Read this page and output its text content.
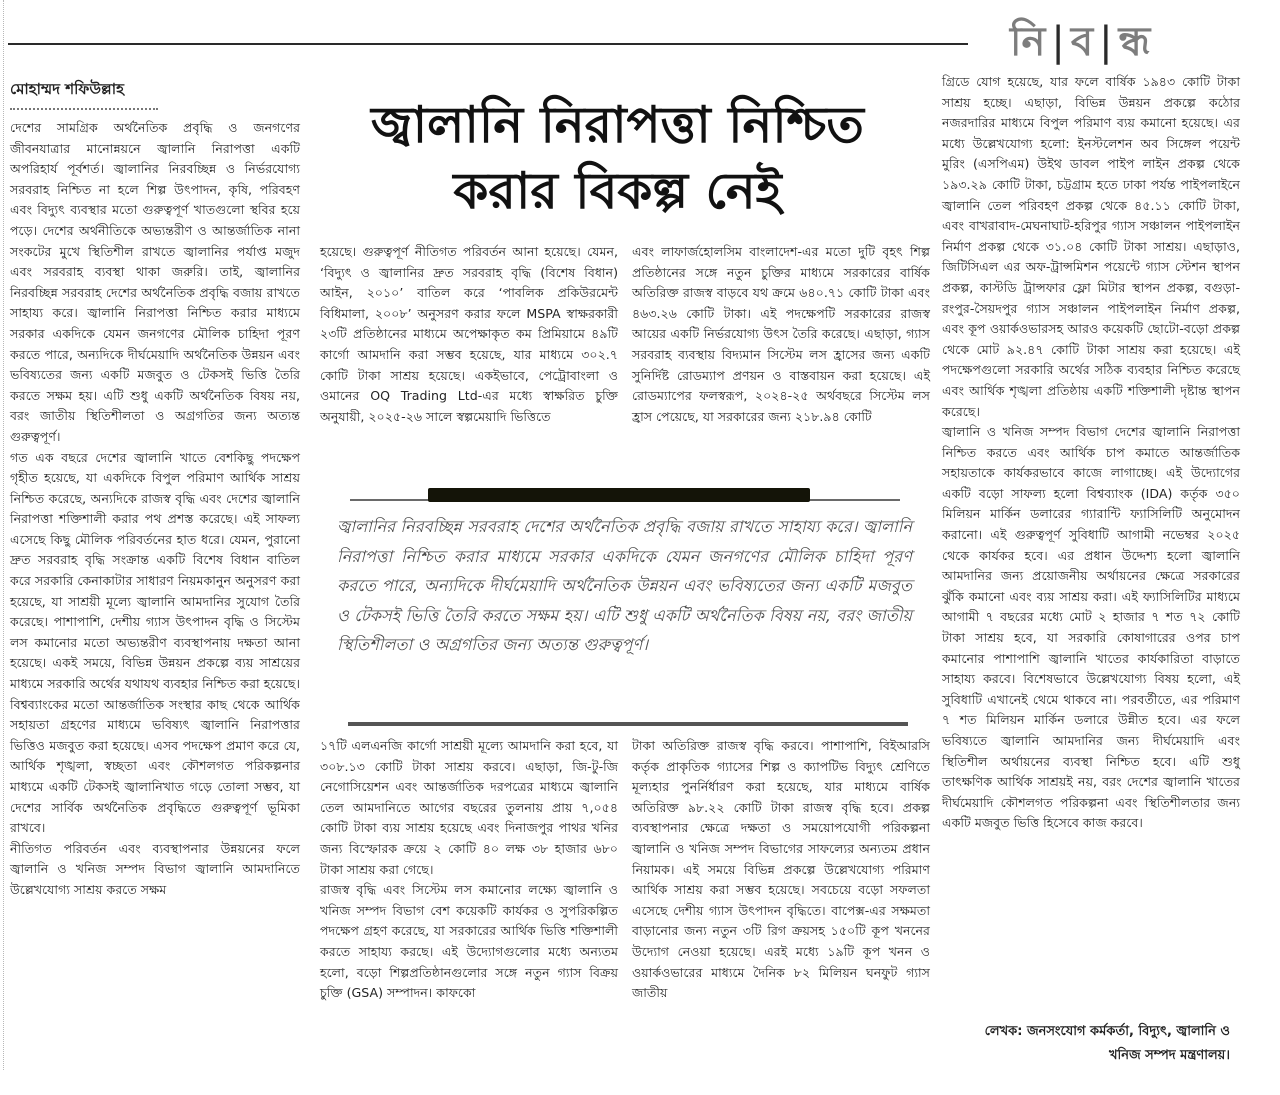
নি | ব | ন্ধ
মোহাম্মদ শফিউল্লাহ
জ্বালানি নিরাপত্তা নিশ্চিত
করার বিকল্প নেই

দেশের সামগ্রিক অর্থনৈতিক প্রবৃদ্ধি ও জনগণের জীবনযাত্রার মানোন্নয়নে জ্বালানি নিরাপত্তা একটি অপরিহার্য পূর্বশর্ত। জ্বালানির নিরবচ্ছিন্ন ও নির্ভরযোগ্য সরবরাহ নিশ্চিত না হলে শিল্প উৎপাদন, কৃষি, পরিবহণ এবং বিদ্যুৎ ব্যবস্থার মতো গুরুত্বপূর্ণ খাতগুলো স্থবির হয়ে পড়ে। দেশের অর্থনীতিকে অভ্যন্তরীণ ও আন্তর্জাতিক নানা সংকটের মুখে স্থিতিশীল রাখতে জ্বালানির পর্যাপ্ত মজুদ এবং সরবরাহ ব্যবস্থা থাকা জরুরি। তাই, জ্বালানির নিরবচ্ছিন্ন সরবরাহ দেশের অর্থনৈতিক প্রবৃদ্ধি বজায় রাখতে সাহায্য করে। জ্বালানি নিরাপত্তা নিশ্চিত করার মাধ্যমে সরকার একদিকে যেমন জনগণের মৌলিক চাহিদা পূরণ করতে পারে, অন্যদিকে দীর্ঘমেয়াদি অর্থনৈতিক উন্নয়ন এবং ভবিষ্যতের জন্য একটি মজবুত ও টেকসই ভিত্তি তৈরি করতে সক্ষম হয়। এটি শুধু একটি অর্থনৈতিক বিষয় নয়, বরং জাতীয় স্থিতিশীলতা ও অগ্রগতির জন্য অত্যন্ত গুরুত্বপূর্ণ।

গত এক বছরে দেশের জ্বালানি খাতে বেশকিছু পদক্ষেপ গৃহীত হয়েছে, যা একদিকে বিপুল পরিমাণ আর্থিক সাশ্রয় নিশ্চিত করেছে, অন্যদিকে রাজস্ব বৃদ্ধি এবং দেশের জ্বালানি নিরাপত্তা শক্তিশালী করার পথ প্রশস্ত করেছে। এই সাফল্য এসেছে কিছু মৌলিক পরিবর্তনের হাত ধরে। যেমন, পুরানো দ্রুত সরবরাহ বৃদ্ধি সংক্রান্ত একটি বিশেষ বিধান বাতিল করে সরকারি কেনাকাটার সাধারণ নিয়মকানুন অনুসরণ করা হয়েছে, যা সাশ্রয়ী মূল্যে জ্বালানি আমদানির সুযোগ তৈরি করেছে। পাশাপাশি, দেশীয় গ্যাস উৎপাদন বৃদ্ধি ও সিস্টেম লস কমানোর মতো অভ্যন্তরীণ ব্যবস্থাপনায় দক্ষতা আনা হয়েছে। একই সময়ে, বিভিন্ন উন্নয়ন প্রকল্পে ব্যয় সাশ্রয়ের মাধ্যমে সরকারি অর্থের যথাযথ ব্যবহার নিশ্চিত করা হয়েছে। বিশ্বব্যাংকের মতো আন্তর্জাতিক সংস্থার কাছ থেকে আর্থিক সহায়তা গ্রহণের মাধ্যমে ভবিষ্যৎ জ্বালানি নিরাপত্তার ভিত্তিও মজবুত করা হয়েছে। এসব পদক্ষেপ প্রমাণ করে যে, আর্থিক শৃঙ্খলা, স্বচ্ছতা এবং কৌশলগত পরিকল্পনার মাধ্যমে একটি টেকসই জ্বালানিখাত গড়ে তোলা সম্ভব, যা দেশের সার্বিক অর্থনৈতিক প্রবৃদ্ধিতে গুরুত্বপূর্ণ ভূমিকা রাখবে।

নীতিগত পরিবর্তন এবং ব্যবস্থাপনার উন্নয়নের ফলে জ্বালানি ও খনিজ সম্পদ বিভাগ জ্বালানি আমদানিতে উল্লেখযোগ্য সাশ্রয় করতে সক্ষম

হয়েছে। গুরুত্বপূর্ণ নীতিগত পরিবর্তন আনা হয়েছে। যেমন, ‘বিদ্যুৎ ও জ্বালানির দ্রুত সরবরাহ বৃদ্ধি (বিশেষ বিধান) আইন, ২০১০’ বাতিল করে ‘পাবলিক প্রকিউরমেন্ট বিধিমালা, ২০০৮’ অনুসরণ করার ফলে MSPA স্বাক্ষরকারী ২৩টি প্রতিষ্ঠানের মাধ্যমে অপেক্ষাকৃত কম প্রিমিয়ামে ৪৯টি কার্গো আমদানি করা সম্ভব হয়েছে, যার মাধ্যমে ৩০২.৭ কোটি টাকা সাশ্রয় হয়েছে। একইভাবে, পেট্রোবাংলা ও ওমানের OQ Trading Ltd-এর মধ্যে স্বাক্ষরিত চুক্তি অনুযায়ী, ২০২৫-২৬ সালে স্বল্পমেয়াদি ভিত্তিতে

এবং লাফার্জহোলসিম বাংলাদেশ-এর মতো দুটি বৃহৎ শিল্প প্রতিষ্ঠানের সঙ্গে নতুন চুক্তির মাধ্যমে সরকারের বার্ষিক অতিরিক্ত রাজস্ব বাড়বে যথ ক্রমে ৬৪০.৭১ কোটি টাকা এবং ৪৬৩.২৬ কোটি টাকা। এই পদক্ষেপটি সরকারের রাজস্ব আয়ের একটি নির্ভরযোগ্য উৎস তৈরি করেছে। এছাড়া, গ্যাস সরবরাহ ব্যবস্থায় বিদ্যমান সিস্টেম লস হ্রাসের জন্য একটি সুনির্দিষ্ট রোডম্যাপ প্রণয়ন ও বাস্তবায়ন করা হয়েছে। এই রোডম্যাপের ফলস্বরূপ, ২০২৪-২৫ অর্থবছরে সিস্টেম লস হ্রাস পেয়েছে, যা সরকারের জন্য ২১৮.৯৪ কোটি

জ্বালানির নিরবচ্ছিন্ন সরবরাহ দেশের অর্থনৈতিক প্রবৃদ্ধি বজায় রাখতে সাহায্য করে। জ্বালানি নিরাপত্তা নিশ্চিত করার মাধ্যমে সরকার একদিকে যেমন জনগণের মৌলিক চাহিদা পূরণ করতে পারে, অন্যদিকে দীর্ঘমেয়াদি অর্থনৈতিক উন্নয়ন এবং ভবিষ্যতের জন্য একটি মজবুত ও টেকসই ভিত্তি তৈরি করতে সক্ষম হয়। এটি শুধু একটি অর্থনৈতিক বিষয় নয়, বরং জাতীয় স্থিতিশীলতা ও অগ্রগতির জন্য অত্যন্ত গুরুত্বপূর্ণ।

১৭টি এলএনজি কার্গো সাশ্রয়ী মূল্যে আমদানি করা হবে, যা ৩০৮.১৩ কোটি টাকা সাশ্রয় করবে। এছাড়া, জি-টু-জি নেগোসিয়েশন এবং আন্তর্জাতিক দরপত্রের মাধ্যমে জ্বালানি তেল আমদানিতে আগের বছরের তুলনায় প্রায় ৭,০৫৪ কোটি টাকা ব্যয় সাশ্রয় হয়েছে এবং দিনাজপুর পাথর খনির জন্য বিস্ফোরক ক্রয়ে ২ কোটি ৪০ লক্ষ ৩৮ হাজার ৬৮০ টাকা সাশ্রয় করা গেছে।

রাজস্ব বৃদ্ধি এবং সিস্টেম লস কমানোর লক্ষ্যে জ্বালানি ও খনিজ সম্পদ বিভাগ বেশ কয়েকটি কার্যকর ও সুপরিকল্পিত পদক্ষেপ গ্রহণ করেছে, যা সরকারের আর্থিক ভিত্তি শক্তিশালী করতে সাহায্য করছে। এই উদ্যোগগুলোর মধ্যে অন্যতম হলো, বড়ো শিল্পপ্রতিষ্ঠানগুলোর সঙ্গে নতুন গ্যাস বিক্রয় চুক্তি (GSA) সম্পাদন। কাফকো

টাকা অতিরিক্ত রাজস্ব বৃদ্ধি করবে। পাশাপাশি, বিইআরসি কর্তৃক প্রাকৃতিক গ্যাসের শিল্প ও ক্যাপটিভ বিদ্যুৎ শ্রেণিতে মূল্যহার পুনর্নির্ধারণ করা হয়েছে, যার মাধ্যমে বার্ষিক অতিরিক্ত ৯৮.২২ কোটি টাকা রাজস্ব বৃদ্ধি হবে। প্রকল্প ব্যবস্থাপনার ক্ষেত্রে দক্ষতা ও সময়োপযোগী পরিকল্পনা জ্বালানি ও খনিজ সম্পদ বিভাগের সাফল্যের অন্যতম প্রধান নিয়ামক। এই সময়ে বিভিন্ন প্রকল্পে উল্লেখযোগ্য পরিমাণ আর্থিক সাশ্রয় করা সম্ভব হয়েছে। সবচেয়ে বড়ো সফলতা এসেছে দেশীয় গ্যাস উৎপাদন বৃদ্ধিতে। বাপেক্স-এর সক্ষমতা বাড়ানোর জন্য নতুন ৩টি রিগ ক্রয়সহ ১৫০টি কূপ খননের উদ্যোগ নেওয়া হয়েছে। এরই মধ্যে ১৯টি কূপ খনন ও ওয়ার্কওভারের মাধ্যমে দৈনিক ৮২ মিলিয়ন ঘনফুট গ্যাস জাতীয়

গ্রিডে যোগ হয়েছে, যার ফলে বার্ষিক ১৯৪৩ কোটি টাকা সাশ্রয় হচ্ছে। এছাড়া, বিভিন্ন উন্নয়ন প্রকল্পে কঠোর নজরদারির মাধ্যমে বিপুল পরিমাণ ব্যয় কমানো হয়েছে। এর মধ্যে উল্লেখযোগ্য হলো: ইনস্টলেশন অব সিঙ্গেল পয়েন্ট মুরিং (এসপিএম) উইথ ডাবল পাইপ লাইন প্রকল্প থেকে ১৯৩.২৯ কোটি টাকা, চট্টগ্রাম হতে ঢাকা পর্যন্ত পাইপলাইনে জ্বালানি তেল পরিবহণ প্রকল্প থেকে ৪৫.১১ কোটি টাকা, এবং বাখরাবাদ-মেঘনাঘাট-হরিপুর গ্যাস সঞ্চালন পাইপলাইন নির্মাণ প্রকল্প থেকে ৩১.০৪ কোটি টাকা সাশ্রয়। এছাড়াও, জিটিসিএল এর অফ-ট্রান্সমিশন পয়েন্টে গ্যাস স্টেশন স্থাপন প্রকল্প, কাস্টডি ট্রান্সফার ফ্লো মিটার স্থাপন প্রকল্প, বগুড়া-রংপুর-সৈয়দপুর গ্যাস সঞ্চালন পাইপলাইন নির্মাণ প্রকল্প, এবং কূপ ওয়ার্কওভারসহ আরও কয়েকটি ছোটো-বড়ো প্রকল্প থেকে মোট ৯২.৪৭ কোটি টাকা সাশ্রয় করা হয়েছে। এই পদক্ষেপগুলো সরকারি অর্থের সঠিক ব্যবহার নিশ্চিত করেছে এবং আর্থিক শৃঙ্খলা প্রতিষ্ঠায় একটি শক্তিশালী দৃষ্টান্ত স্থাপন করেছে।

জ্বালানি ও খনিজ সম্পদ বিভাগ দেশের জ্বালানি নিরাপত্তা নিশ্চিত করতে এবং আর্থিক চাপ কমাতে আন্তর্জাতিক সহায়তাকে কার্যকরভাবে কাজে লাগাচ্ছে। এই উদ্যোগের একটি বড়ো সাফল্য হলো বিশ্বব্যাংক (IDA) কর্তৃক ৩৫০ মিলিয়ন মার্কিন ডলারের গ্যারান্টি ফ্যাসিলিটি অনুমোদন করানো। এই গুরুত্বপূর্ণ সুবিধাটি আগামী নভেম্বর ২০২৫ থেকে কার্যকর হবে। এর প্রধান উদ্দেশ্য হলো জ্বালানি আমদানির জন্য প্রয়োজনীয় অর্থায়নের ক্ষেত্রে সরকারের ঝুঁকি কমানো এবং ব্যয় সাশ্রয় করা। এই ফ্যাসিলিটির মাধ্যমে আগামী ৭ বছরের মধ্যে মোট ২ হাজার ৭ শত ৭২ কোটি টাকা সাশ্রয় হবে, যা সরকারি কোষাগারের ওপর চাপ কমানোর পাশাপাশি জ্বালানি খাতের কার্যকারিতা বাড়াতে সাহায্য করবে। বিশেষভাবে উল্লেখযোগ্য বিষয় হলো, এই সুবিধাটি এখানেই থেমে থাকবে না। পরবর্তীতে, এর পরিমাণ ৭ শত মিলিয়ন মার্কিন ডলারে উন্নীত হবে। এর ফলে ভবিষ্যতে জ্বালানি আমদানির জন্য দীর্ঘমেয়াদি এবং স্থিতিশীল অর্থায়নের ব্যবস্থা নিশ্চিত হবে। এটি শুধু তাৎক্ষণিক আর্থিক সাশ্রয়ই নয়, বরং দেশের জ্বালানি খাতের দীর্ঘমেয়াদি কৌশলগত পরিকল্পনা এবং স্থিতিশীলতার জন্য একটি মজবুত ভিত্তি হিসেবে কাজ করবে।

লেখক: জনসংযোগ কর্মকর্তা, বিদ্যুৎ, জ্বালানি ও
খনিজ সম্পদ মন্ত্রণালয়।
